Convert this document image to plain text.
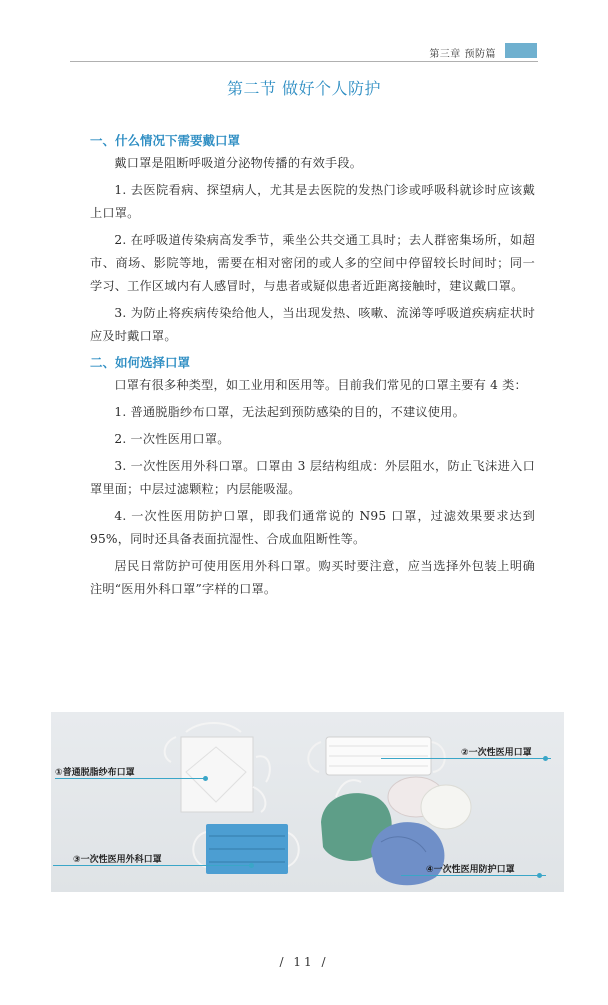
第三章 预防篇
第二节 做好个人防护
一、什么情况下需要戴口罩

戴口罩是阻断呼吸道分泌物传播的有效手段。

1. 去医院看病、探望病人，尤其是去医院的发热门诊或呼吸科就诊时应该戴上口罩。

2. 在呼吸道传染病高发季节，乘坐公共交通工具时；去人群密集场所，如超市、商场、影院等地，需要在相对密闭的或人多的空间中停留较长时间时；同一学习、工作区域内有人感冒时，与患者或疑似患者近距离接触时，建议戴口罩。

3. 为防止将疾病传染给他人，当出现发热、咳嗽、流涕等呼吸道疾病症状时应及时戴口罩。

二、如何选择口罩

口罩有很多种类型，如工业用和医用等。目前我们常见的口罩主要有 4 类：

1. 普通脱脂纱布口罩，无法起到预防感染的目的，不建议使用。

2. 一次性医用口罩。

3. 一次性医用外科口罩。口罩由 3 层结构组成：外层阻水，防止飞沫进入口罩里面；中层过滤颗粒；内层能吸湿。

4. 一次性医用防护口罩，即我们通常说的 N95 口罩，过滤效果要求达到 95%，同时还具备表面抗湿性、合成血阻断性等。

居民日常防护可使用医用外科口罩。购买时要注意，应当选择外包装上明确注明“医用外科口罩”字样的口罩。

①普通脱脂纱布口罩
②一次性医用口罩
③一次性医用外科口罩
④一次性医用防护口罩
/ 11 /
